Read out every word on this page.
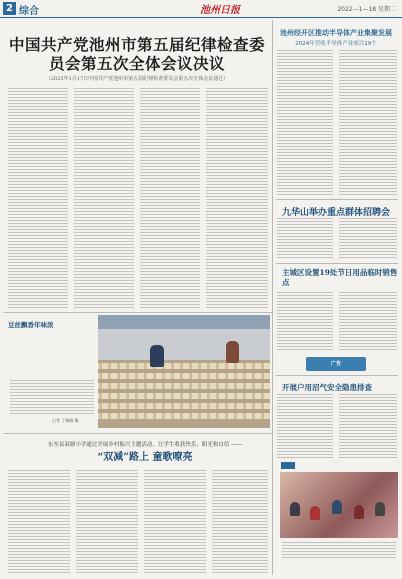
2 综合	池州日报	2022—1—18 星期二
中国共产党池州市第五届纪律检查委员会第五次全体会议决议
（2025年1月17日中国共产党池州市第五届纪律检查委员会第五次全体会议通过）
池州经开区推动半导体产业集聚发展
2024年营收半导体产业项目19个
九华山举办重点群体招聘会
主城区设置19处节日用品临时销售点
广告
开展户用沼气安全隐患排查
豆丝飘香年味浓
记者 丁娜娜 摄
东至县双塘小学通过开展乡村振兴主题活动，让学生收获快乐，阳光和自信 ——
“双减”路上 童歌嘹亮
